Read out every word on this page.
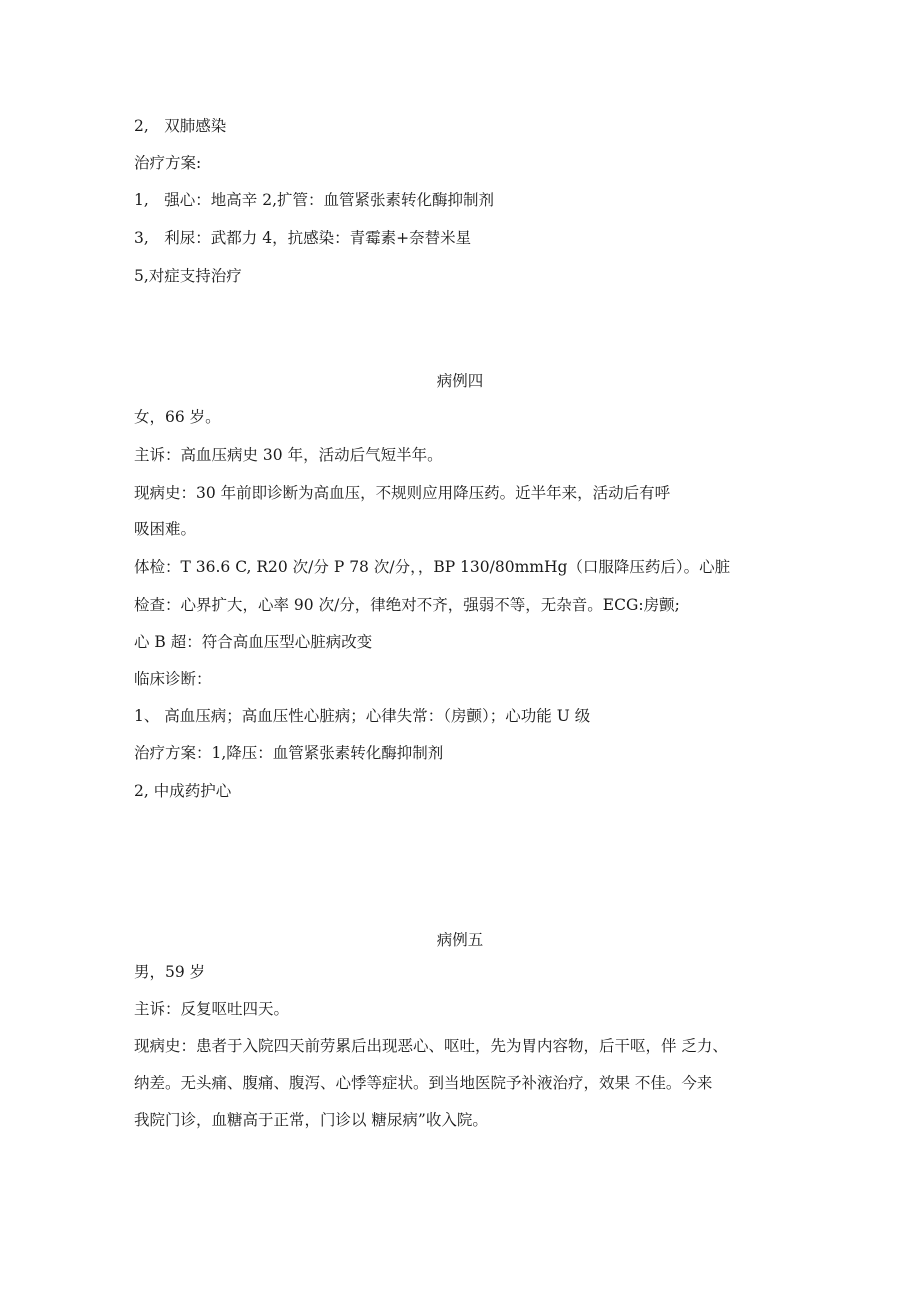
2,　双肺感染
治疗方案:
1,　强心：地高辛 2,扩管：血管紧张素转化酶抑制剂
3,　利尿：武都力 4，抗感染：青霉素+奈替米星
5,对症支持治疗
病例四
女，66 岁。
主诉：高血压病史 30 年，活动后气短半年。
现病史：30 年前即诊断为高血压，不规则应用降压药。近半年来，活动后有呼
吸困难。
体检：T 36.6 C, R20 次/分 P 78 次/分，，BP 130/80mmHg（口服降压药后）。心脏
检查：心界扩大，心率 90 次/分，律绝对不齐，强弱不等，无杂音。ECG:房颤;
心 B 超：符合高血压型心脏病改变
临床诊断：
1、 高血压病；高血压性心脏病；心律失常：（房颤）；心功能 U 级
治疗方案：1,降压：血管紧张素转化酶抑制剂
2, 中成药护心
病例五
男，59 岁
主诉：反复呕吐四天。
现病史：患者于入院四天前劳累后出现恶心、呕吐，先为胃内容物，后干呕，伴 乏力、
纳差。无头痛、腹痛、腹泻、心悸等症状。到当地医院予补液治疗，效果 不佳。今来
我院门诊，血糖高于正常，门诊以 糖尿病”收入院。
